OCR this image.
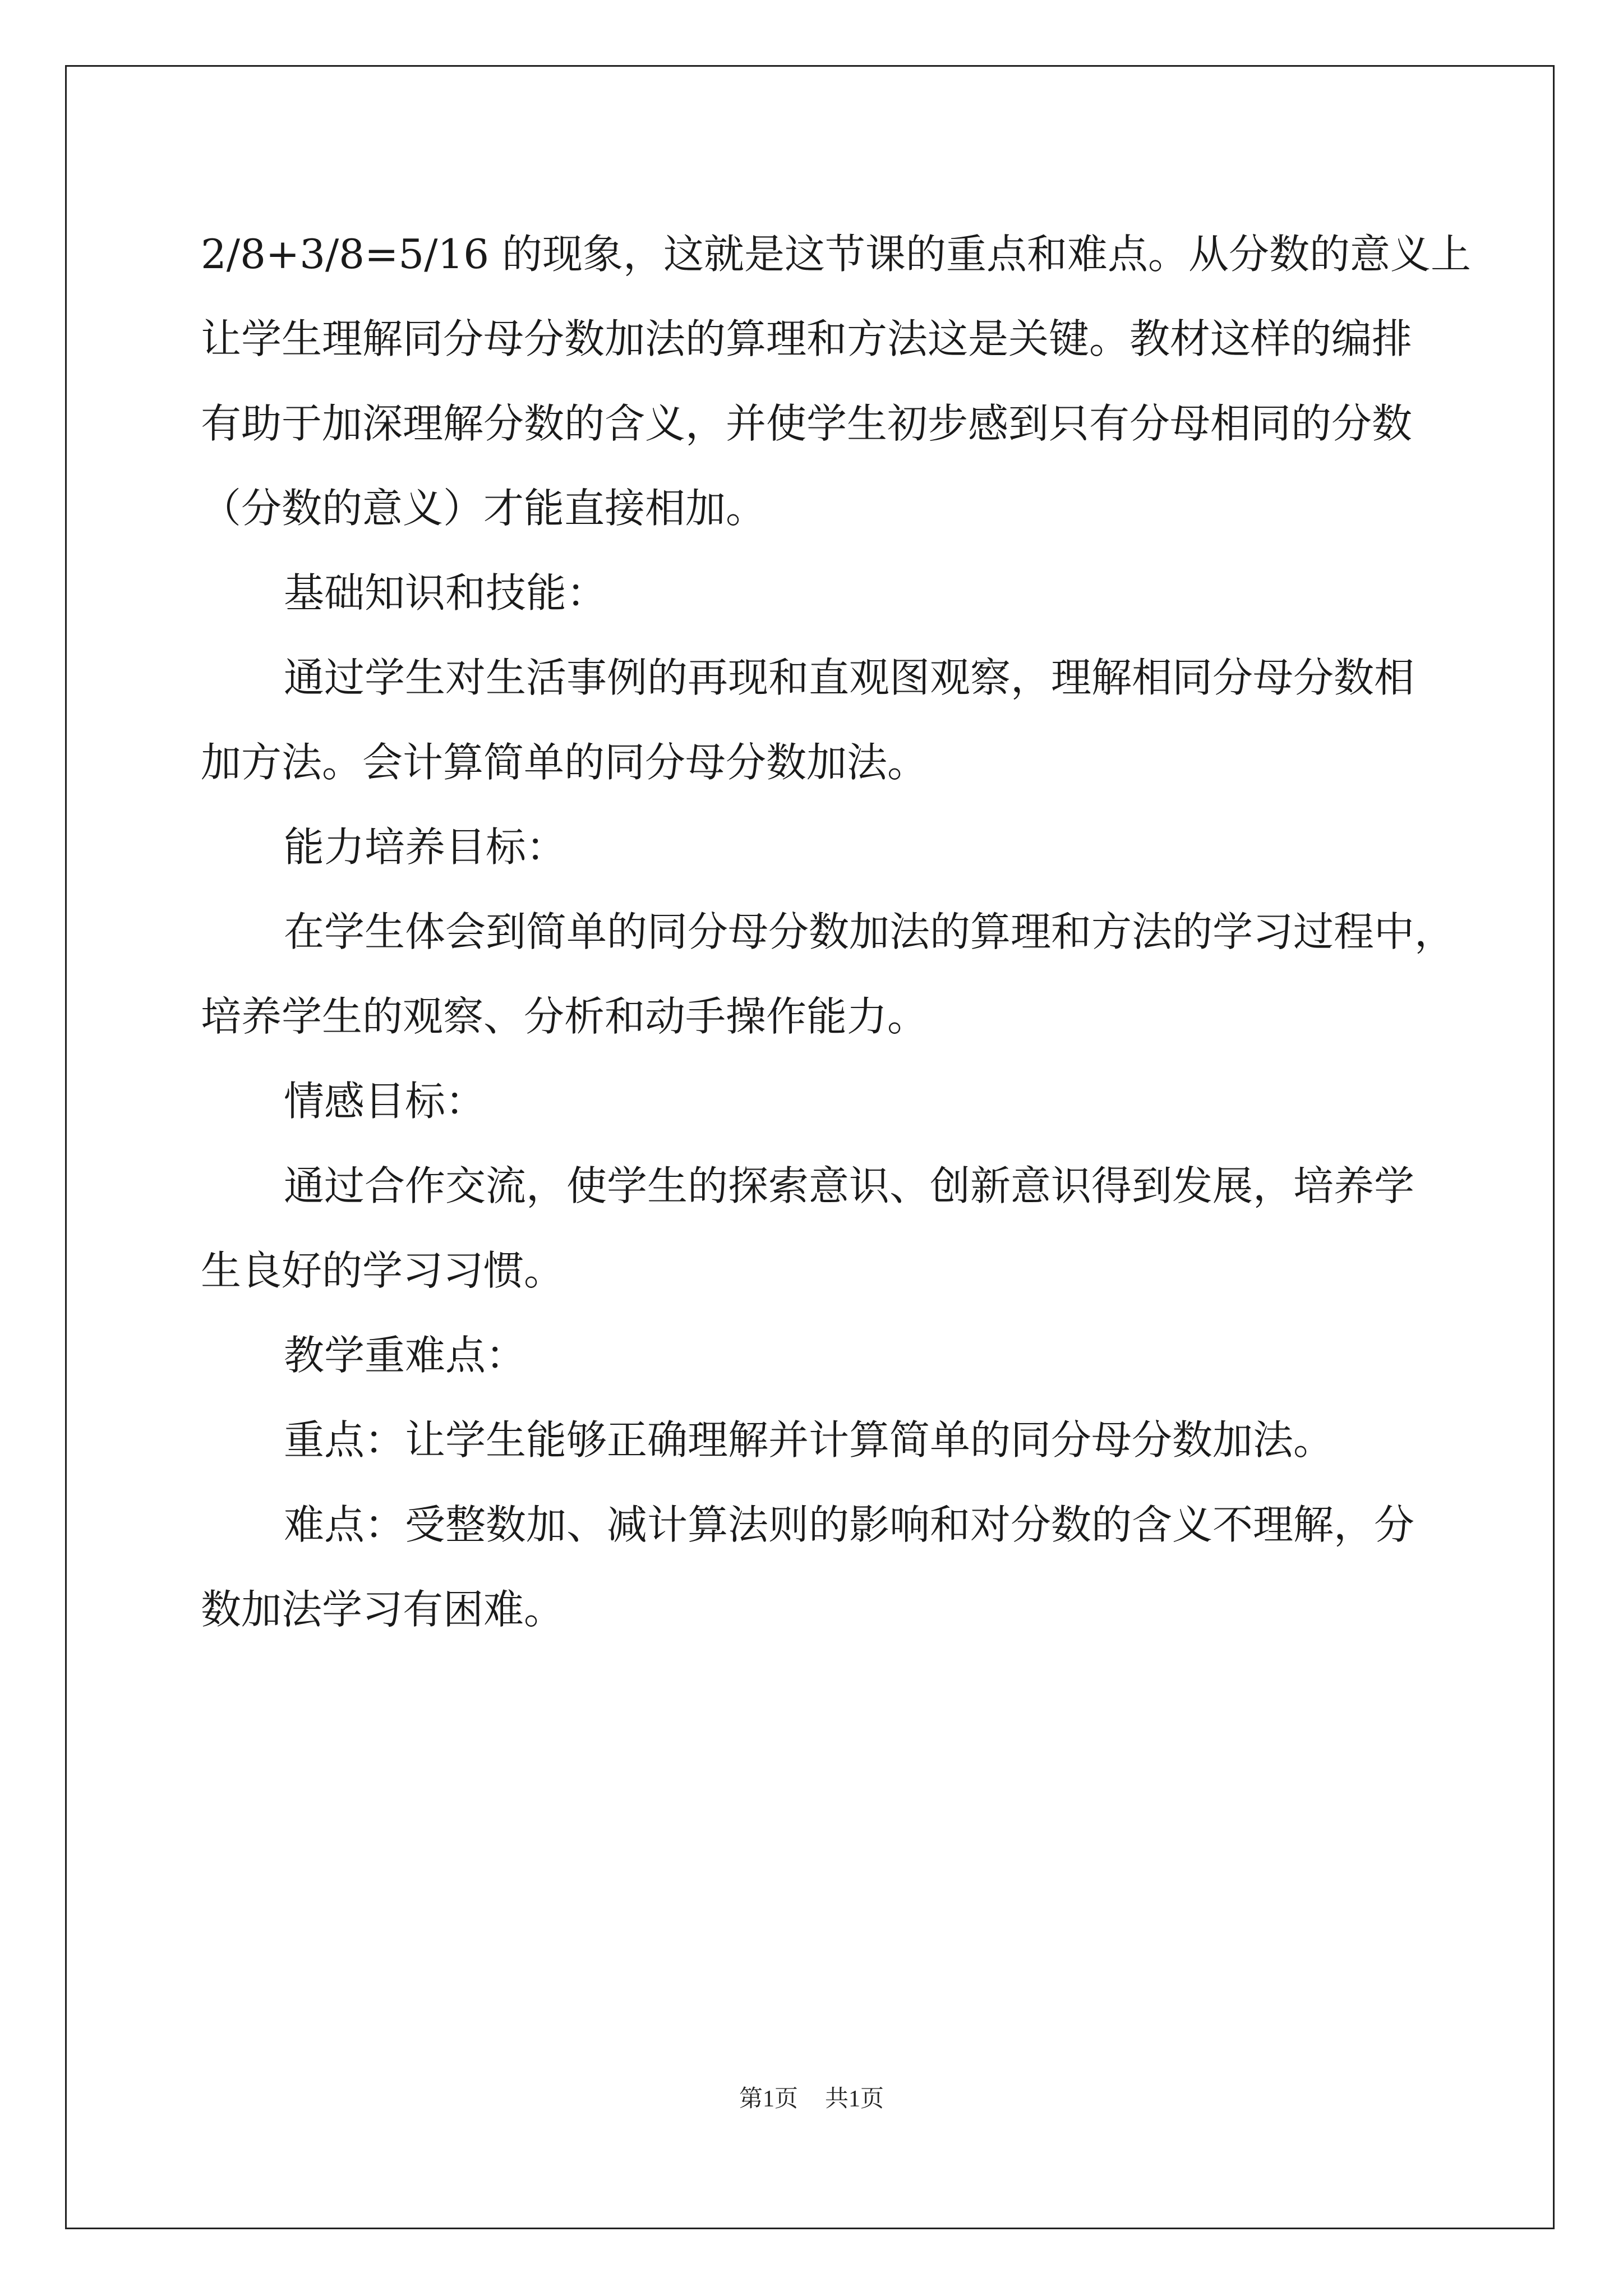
2/8+3/8=5/16 的现象，这就是这节课的重点和难点。从分数的意义上
让学生理解同分母分数加法的算理和方法这是关键。教材这样的编排
有助于加深理解分数的含义，并使学生初步感到只有分母相同的分数
（分数的意义）才能直接相加。

基础知识和技能：

通过学生对生活事例的再现和直观图观察，理解相同分母分数相
加方法。会计算简单的同分母分数加法。

能力培养目标：

在学生体会到简单的同分母分数加法的算理和方法的学习过程中，
培养学生的观察、分析和动手操作能力。

情感目标：

通过合作交流，使学生的探索意识、创新意识得到发展，培养学
生良好的学习习惯。

教学重难点：

重点：让学生能够正确理解并计算简单的同分母分数加法。

难点：受整数加、减计算法则的影响和对分数的含义不理解，分
数加法学习有困难。

第1页 共1页
